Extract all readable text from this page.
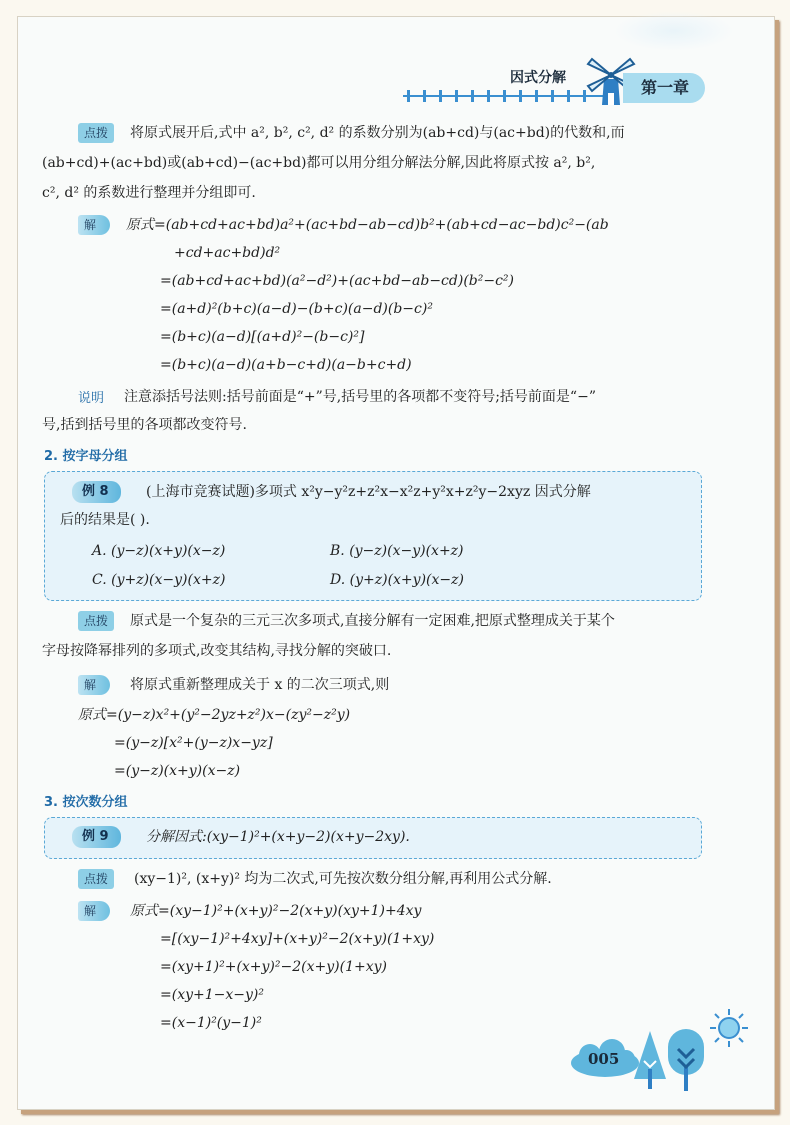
因式分解	第一章
点拨	将原式展开后,式中 a², b², c², d² 的系数分别为(ab+cd)与(ac+bd)的代数和,而
(ab+cd)+(ac+bd)或(ab+cd)−(ac+bd)都可以用分组分解法分解,因此将原式按 a², b²,
c², d² 的系数进行整理并分组即可.
解	原式=(ab+cd+ac+bd)a²+(ac+bd−ab−cd)b²+(ab+cd−ac−bd)c²−(ab
+cd+ac+bd)d²
=(ab+cd+ac+bd)(a²−d²)+(ac+bd−ab−cd)(b²−c²)
=(a+d)²(b+c)(a−d)−(b+c)(a−d)(b−c)²
=(b+c)(a−d)[(a+d)²−(b−c)²]
=(b+c)(a−d)(a+b−c+d)(a−b+c+d)
说明 注意添括号法则:括号前面是“+”号,括号里的各项都不变符号;括号前面是“−”
号,括到括号里的各项都改变符号.
2. 按字母分组
例 8	(上海市竞赛试题)多项式 x²y−y²z+z²x−x²z+y²x+z²y−2xyz 因式分解
后的结果是( ).
A. (y−z)(x+y)(x−z)	B. (y−z)(x−y)(x+z)
C. (y+z)(x−y)(x+z)	D. (y+z)(x+y)(x−z)
点拨	原式是一个复杂的三元三次多项式,直接分解有一定困难,把原式整理成关于某个
字母按降幂排列的多项式,改变其结构,寻找分解的突破口.
解	将原式重新整理成关于 x 的二次三项式,则
原式=(y−z)x²+(y²−2yz+z²)x−(zy²−z²y)
=(y−z)[x²+(y−z)x−yz]
=(y−z)(x+y)(x−z)
3. 按次数分组
例 9	分解因式:(xy−1)²+(x+y−2)(x+y−2xy).
点拨	(xy−1)², (x+y)² 均为二次式,可先按次数分组分解,再利用公式分解.
解	原式=(xy−1)²+(x+y)²−2(x+y)(xy+1)+4xy
=[(xy−1)²+4xy]+(x+y)²−2(x+y)(1+xy)
=(xy+1)²+(x+y)²−2(x+y)(1+xy)
=(xy+1−x−y)²
=(x−1)²(y−1)²
005
